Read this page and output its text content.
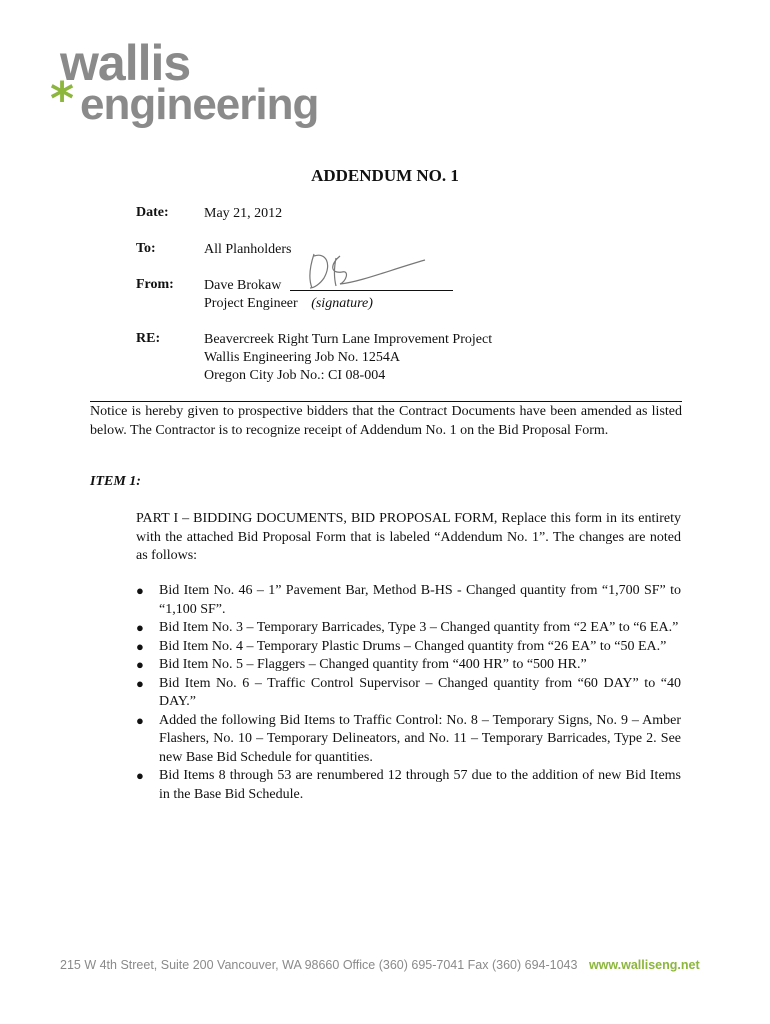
wallis
* engineering
ADDENDUM NO. 1
Date:	May 21, 2012
To:	All Planholders
From: Dave Brokaw
Project Engineer (signature)
RE:	Beavercreek Right Turn Lane Improvement Project
Wallis Engineering Job No. 1254A
Oregon City Job No.: CI 08-004
Notice is hereby given to prospective bidders that the Contract Documents have been amended as listed below. The Contractor is to recognize receipt of Addendum No. 1 on the Bid Proposal Form.
ITEM 1:
PART I – BIDDING DOCUMENTS, BID PROPOSAL FORM, Replace this form in its entirety with the attached Bid Proposal Form that is labeled “Addendum No. 1”. The changes are noted as follows:
● Bid Item No. 46 – 1” Pavement Bar, Method B-HS - Changed quantity from “1,700 SF” to “1,100 SF”.
● Bid Item No. 3 – Temporary Barricades, Type 3 – Changed quantity from “2 EA” to “6 EA.”
● Bid Item No. 4 – Temporary Plastic Drums – Changed quantity from “26 EA” to “50 EA.”
● Bid Item No. 5 – Flaggers – Changed quantity from “400 HR” to “500 HR.”
● Bid Item No. 6 – Traffic Control Supervisor – Changed quantity from “60 DAY” to “40 DAY.”
● Added the following Bid Items to Traffic Control: No. 8 – Temporary Signs, No. 9 – Amber Flashers, No. 10 – Temporary Delineators, and No. 11 – Temporary Barricades, Type 2. See new Base Bid Schedule for quantities.
● Bid Items 8 through 53 are renumbered 12 through 57 due to the addition of new Bid Items in the Base Bid Schedule.
215 W 4th Street, Suite 200 Vancouver, WA 98660 Office (360) 695-7041 Fax (360) 694-1043 www.walliseng.net
